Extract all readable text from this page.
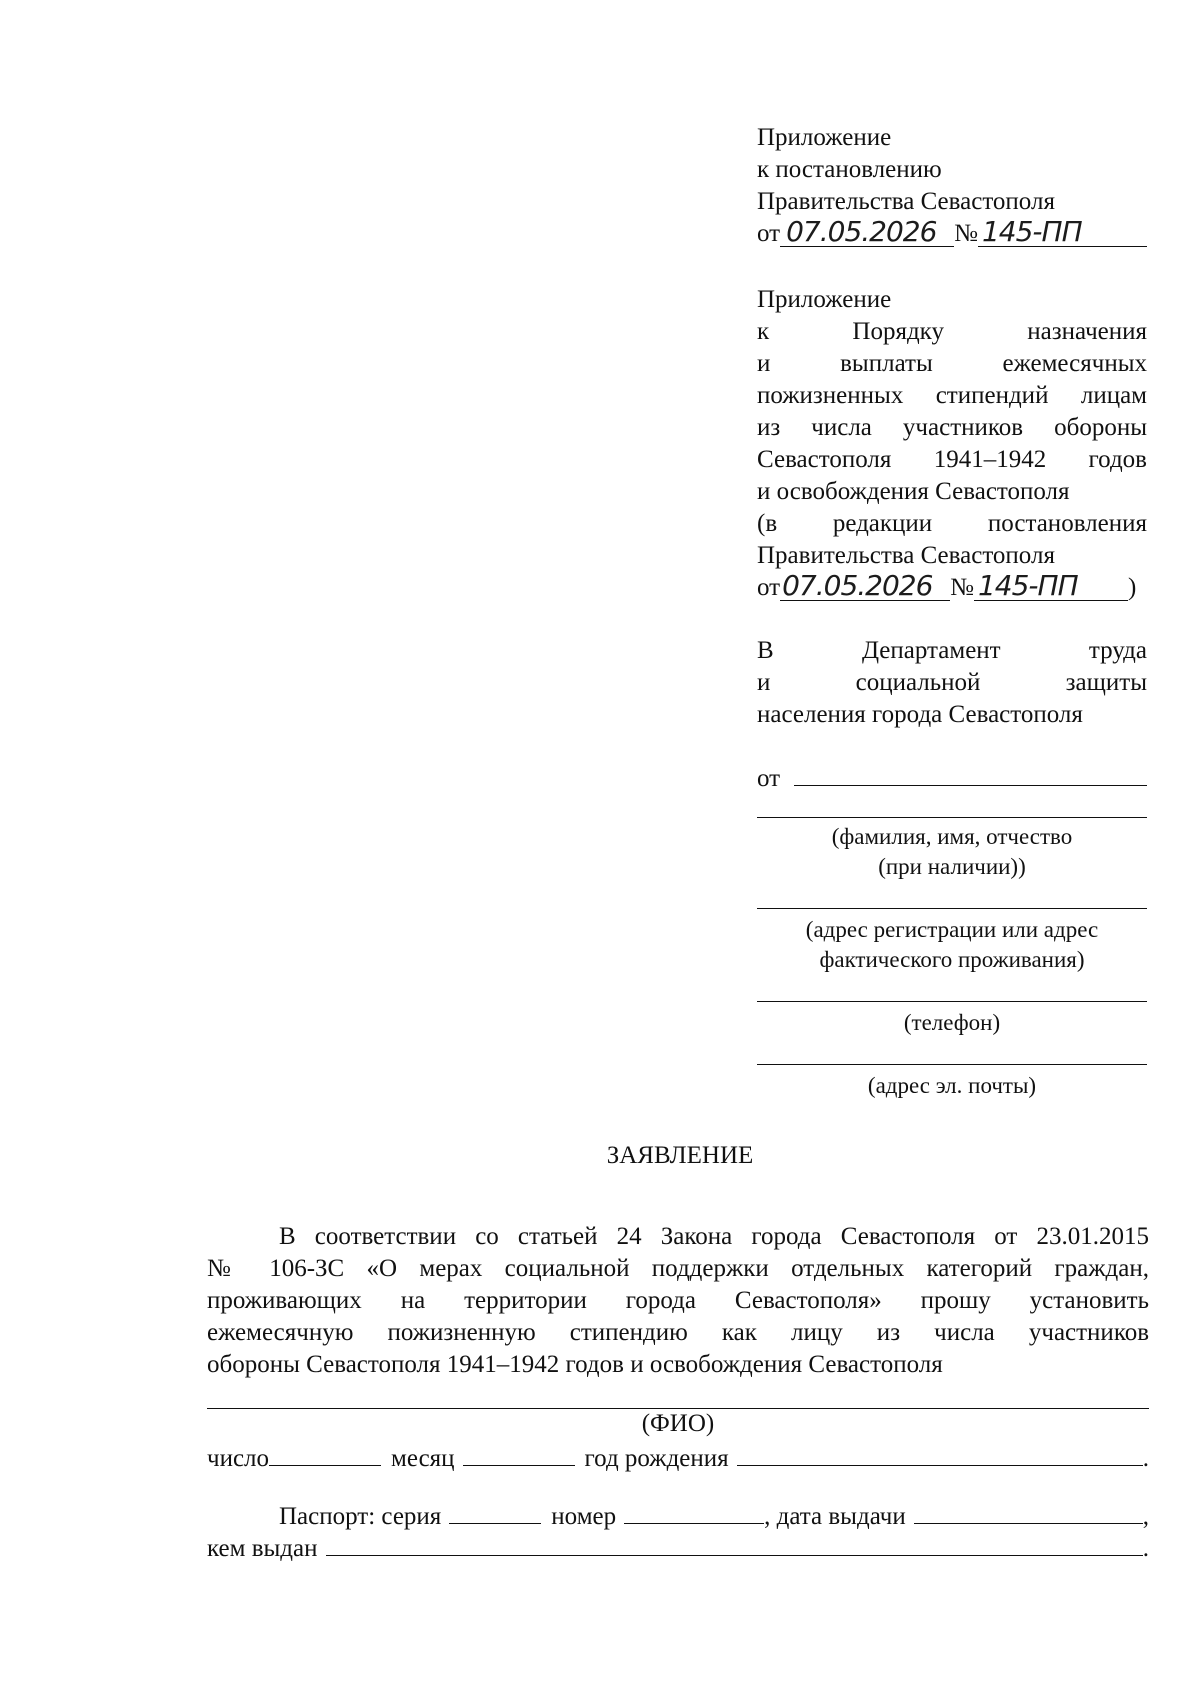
Приложение
к постановлению
Правительства Севастополя
от 07.05.2026 № 145-ПП
Приложение
к Порядку назначения
и выплаты ежемесячных
пожизненных стипендий лицам
из числа участников обороны
Севастополя 1941–1942 годов
и освобождения Севастополя
(в редакции постановления
Правительства Севастополя
от 07.05.2026 № 145-ПП	)
В Департамент труда
и социальной защиты
населения города Севастополя
от
(фамилия, имя, отчество
(при наличии))
(адрес регистрации или адрес
фактического проживания)
(телефон)
(адрес эл. почты)
ЗАЯВЛЕНИЕ
В соответствии со статьей 24 Закона города Севастополя от 23.01.2015
№ 106-ЗС «О мерах социальной поддержки отдельных категорий граждан,
проживающих на территории города Севастополя» прошу установить
ежемесячную пожизненную стипендию как лицу из числа участников
обороны Севастополя 1941–1942 годов и освобождения Севастополя
(ФИО)
число	месяц	год рождения	.
Паспорт: серия	номер	, дата выдачи	,
кем выдан	.
